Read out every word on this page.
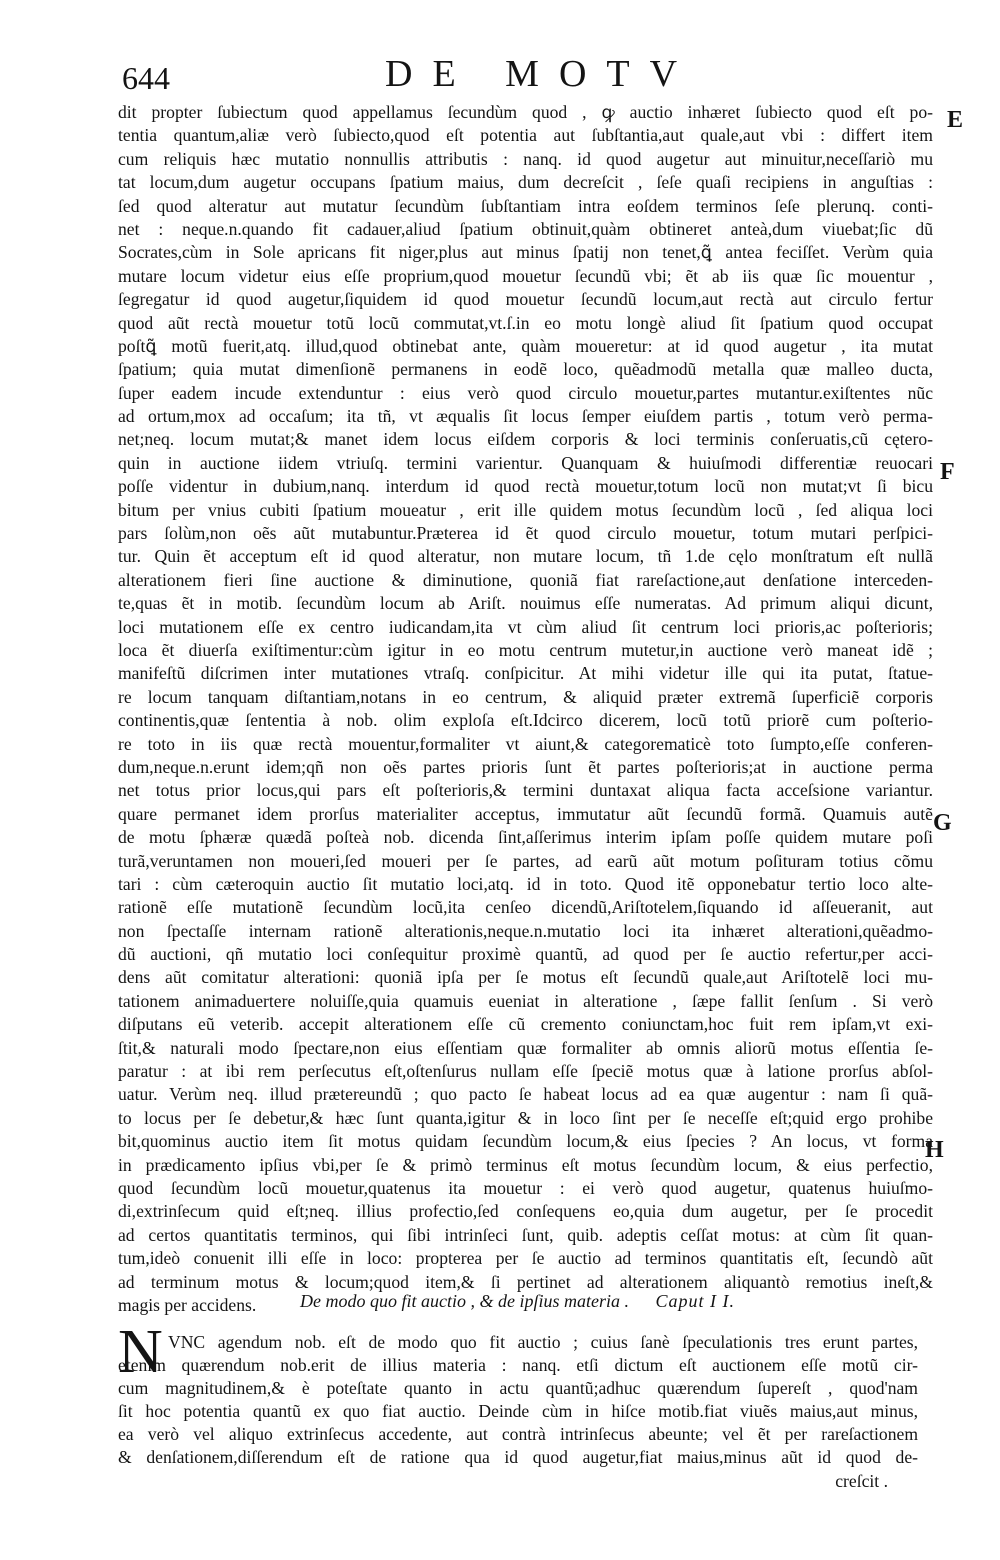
644	DE MOTV
E
F
G
H
dit propter ſubiectum quod appellamus ſecundùm quod , ꝙ auctio inhæret ſubiecto quod eſt po-
tentia quantum,aliæ verò ſubiecto,quod eſt potentia aut ſubſtantia,aut quale,aut vbi : differt item
cum reliquis hæc mutatio nonnullis attributis : nanq. id quod augetur aut minuitur,neceſſariò mu
tat locum,dum augetur occupans ſpatium maius, dum decreſcit , ſeſe quaſi recipiens in anguſtias :
ſed quod alteratur aut mutatur ſecundùm ſubſtantiam intra eoſdem terminos ſeſe plerunq. conti-
net : neque.n.quando fit cadauer,aliud ſpatium obtinuit,quàm obtineret anteà,dum viuebat;ſic dũ
Socrates,cùm in Sole apricans fit niger,plus aut minus ſpatij non tenet,ꝗ̃ antea feciſſet. Verùm quia
mutare locum videtur eius eſſe proprium,quod mouetur ſecundũ vbi; ẽt ab iis quæ ſic mouentur ,
ſegregatur id quod augetur,ſiquidem id quod mouetur ſecundũ locum,aut rectà aut circulo fertur
quod aũt rectà mouetur totũ locũ commutat,vt.ſ.in eo motu longè aliud ſit ſpatium quod occupat
poſtꝗ̃ motũ fuerit,atq. illud,quod obtinebat ante, quàm moueretur: at id quod augetur , ita mutat
ſpatium; quia mutat dimenſionẽ permanens in eodẽ loco, quẽadmodũ metalla quæ malleo ducta,
ſuper eadem incude extenduntur : eius verò quod circulo mouetur,partes mutantur.exiſtentes nũc
ad ortum,mox ad occaſum; ita tñ, vt æqualis ſit locus ſemper eiuſdem partis , totum verò perma-
net;neq. locum mutat;& manet idem locus eiſdem corporis & loci terminis conſeruatis,cũ cętero-
quin in auctione iidem vtriuſq. termini varientur. Quanquam & huiuſmodi differentiæ reuocari
poſſe videntur in dubium,nanq. interdum id quod rectà mouetur,totum locũ non mutat;vt ſi bicu
bitum per vnius cubiti ſpatium moueatur , erit ille quidem motus ſecundùm locũ , ſed aliqua loci
pars ſolùm,non oẽs aũt mutabuntur.Præterea id ẽt quod circulo mouetur, totum mutari perſpici-
tur. Quin ẽt acceptum eſt id quod alteratur, non mutare locum, tñ 1.de cęlo monſtratum eſt nullã
alterationem fieri ſine auctione & diminutione, quoniã fiat rareſactione,aut denſatione interceden-
te,quas ẽt in motib. ſecundùm locum ab Ariſt. nouimus eſſe numeratas. Ad primum aliqui dicunt,
loci mutationem eſſe ex centro iudicandam,ita vt cùm aliud ſit centrum loci prioris,ac poſterioris;
loca ẽt diuerſa exiſtimentur:cùm igitur in eo motu centrum mutetur,in auctione verò maneat idẽ ;
manifeſtũ diſcrimen inter mutationes vtraſq. conſpicitur. At mihi videtur ille qui ita putat, ſtatue-
re locum tanquam diſtantiam,notans in eo centrum, & aliquid præter extremã ſuperficiẽ corporis
continentis,quæ ſententia à nob. olim exploſa eſt.Idcirco dicerem, locũ totũ priorẽ cum poſterio-
re toto in iis quæ rectà mouentur,formaliter vt aiunt,& categorematicè toto ſumpto,eſſe conferen-
dum,neque.n.erunt idem;qñ non oẽs partes prioris ſunt ẽt partes poſterioris;at in auctione perma
net totus prior locus,qui pars eſt poſterioris,& termini duntaxat aliqua facta acceſsione variantur.
quare permanet idem prorſus materialiter acceptus, immutatur aũt ſecundũ formã. Quamuis autẽ
de motu ſphæræ quædã poſteà nob. dicenda ſint,aſſerimus interim ipſam poſſe quidem mutare poſi
turã,veruntamen non moueri,ſed moueri per ſe partes, ad earũ aũt motum poſituram totius cõmu
tari : cùm cæteroquin auctio ſit mutatio loci,atq. id in toto. Quod itẽ opponebatur tertio loco alte-
rationẽ eſſe mutationẽ ſecundùm locũ,ita cenſeo dicendũ,Ariſtotelem,ſiquando id aſſeueranit, aut
non ſpectaſſe internam rationẽ alterationis,neque.n.mutatio loci ita inhæret alterationi,quẽadmo-
dũ auctioni, qñ mutatio loci conſequitur proximè quantũ, ad quod per ſe auctio refertur,per acci-
dens aũt comitatur alterationi: quoniã ipſa per ſe motus eſt ſecundũ quale,aut Ariſtotelẽ loci mu-
tationem animaduertere noluiſſe,quia quamuis eueniat in alteratione , ſæpe fallit ſenſum . Si verò
diſputans eũ veterib. accepit alterationem eſſe cũ cremento coniunctam,hoc fuit rem ipſam,vt exi-
ſtit,& naturali modo ſpectare,non eius eſſentiam quæ formaliter ab omnis aliorũ motus eſſentia ſe-
paratur : at ibi rem perſecutus eſt,oſtenſurus nullam eſſe ſpeciẽ motus quæ à latione prorſus abſol-
uatur. Verùm neq. illud prætereundũ ; quo pacto ſe habeat locus ad ea quæ augentur : nam ſi quã-
to locus per ſe debetur,& hæc ſunt quanta,igitur & in loco ſint per ſe neceſſe eſt;quid ergo prohibe
bit,quominus auctio item ſit motus quidam ſecundùm locum,& eius ſpecies ? An locus, vt forma
in prædicamento ipſius vbi,per ſe & primò terminus eſt motus ſecundùm locum, & eius perfectio,
quod ſecundùm locũ mouetur,quatenus ita mouetur : ei verò quod augetur, quatenus huiuſmo-
di,extrinſecum quid eſt;neq. illius profectio,ſed conſequens eo,quia dum augetur, per ſe procedit
ad certos quantitatis terminos, qui ſibi intrinſeci ſunt, quib. adeptis ceſſat motus: at cùm ſit quan-
tum,ideò conuenit illi eſſe in loco: propterea per ſe auctio ad terminos quantitatis eſt, ſecundò aũt
ad terminum motus & locum;quod item,& ſi pertinet ad alterationem aliquantò remotius ineſt,&
magis per accidens.	De modo quo fit auctio , & de ipſius materia . Caput I I.
N VNC agendum nob. eſt de modo quo fit auctio ; cuius ſanè ſpeculationis tres erunt partes,
etenim quærendum nob.erit de illius materia : nanq. etſi dictum eſt auctionem eſſe motũ cir-
cum magnitudinem,& è poteſtate quanto in actu quantũ;adhuc quærendum ſupereſt , quod'nam
ſit hoc potentia quantũ ex quo fiat auctio. Deinde cùm in hiſce motib.fiat viuẽs maius,aut minus,
ea verò vel aliquo extrinſecus accedente, aut contrà intrinſecus abeunte; vel ẽt per rareſactionem
& denſationem,diſſerendum eſt de ratione qua id quod augetur,fiat maius,minus aũt id quod de-
creſcit .
